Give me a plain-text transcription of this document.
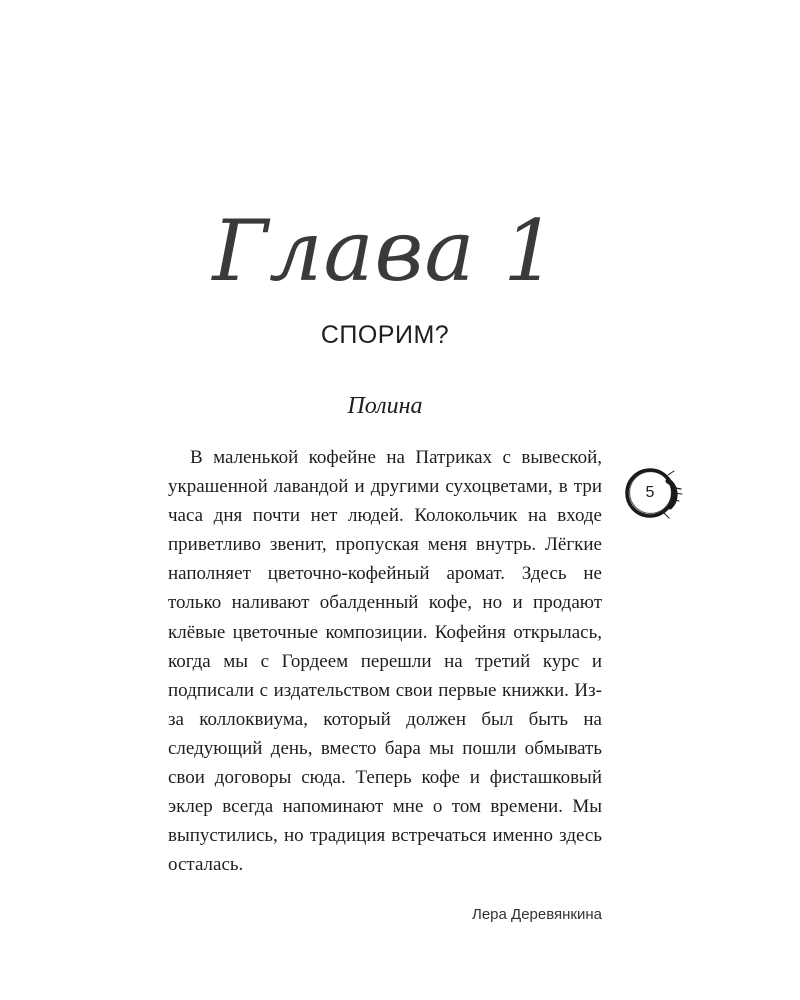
Глава 1
СПОРИМ?
Полина

В маленькой кофейне на Патриках с вывеской, украшенной лавандой и другими сухоцветами, в три часа дня почти нет людей. Колокольчик на входе приветливо звенит, пропуская меня внутрь. Лёгкие наполняет цветочно-кофейный аромат. Здесь не только наливают обалденный кофе, но и продают клёвые цветочные композиции. Кофейня открылась, когда мы с Гордеем перешли на третий курс и подписали с издательством свои первые книжки. Из-за коллоквиума, который должен был быть на следующий день, вместо бара мы пошли обмывать свои договоры сюда. Теперь кофе и фисташковый эклер всегда напоминают мне о том времени. Мы выпустились, но традиция встречаться именно здесь осталась.

5
Лера Деревянкина
